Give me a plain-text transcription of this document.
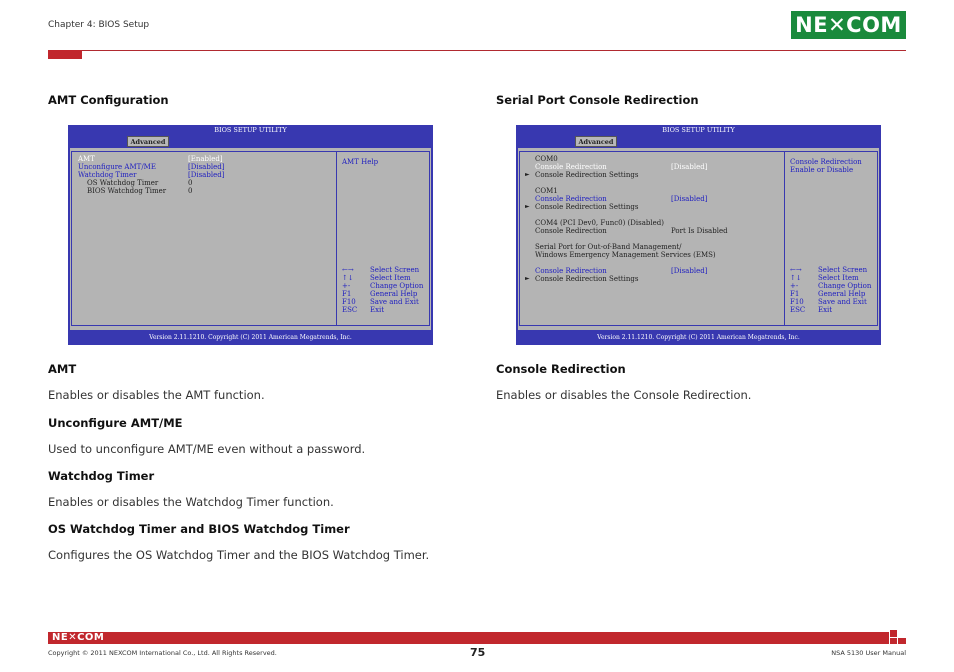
Chapter 4: BIOS Setup	NE✕COM
AMT Configuration
BIOS SETUP UTILITY
Advanced
AMT	[Enabled]
Unconfigure AMT/ME	[Disabled]
Watchdog Timer	[Disabled]
OS Watchdog Timer	0
BIOS Watchdog Timer	0
AMT Help
←→ Select Screen
↑↓ Select Item
+-	Change Option
F1	General Help
F10 Save and Exit
ESC Exit
Version 2.11.1210. Copyright (C) 2011 American Megatrends, Inc.
AMT
Enables or disables the AMT function.
Unconfigure AMT/ME
Used to unconfigure AMT/ME even without a password.
Watchdog Timer
Enables or disables the Watchdog Timer function.
OS Watchdog Timer and BIOS Watchdog Timer
Configures the OS Watchdog Timer and the BIOS Watchdog Timer.
Serial Port Console Redirection
BIOS SETUP UTILITY
Advanced
COM0
Console Redirection	[Disabled]
► Console Redirection Settings
COM1
Console Redirection	[Disabled]
► Console Redirection Settings
COM4 (PCI Dev0, Func0) (Disabled)
Console Redirection	Port Is Disabled
Serial Port for Out-of-Band Management/
Windows Emergency Management Services (EMS)
Console Redirection	[Disabled]
► Console Redirection Settings
Console Redirection
Enable or Disable
←→ Select Screen
↑↓ Select Item
+-	Change Option
F1	General Help
F10 Save and Exit
ESC Exit
Version 2.11.1210. Copyright (C) 2011 American Megatrends, Inc.
Console Redirection
Enables or disables the Console Redirection.
NE✕COM
Copyright © 2011 NEXCOM International Co., Ltd. All Rights Reserved.	75	NSA 5130 User Manual
